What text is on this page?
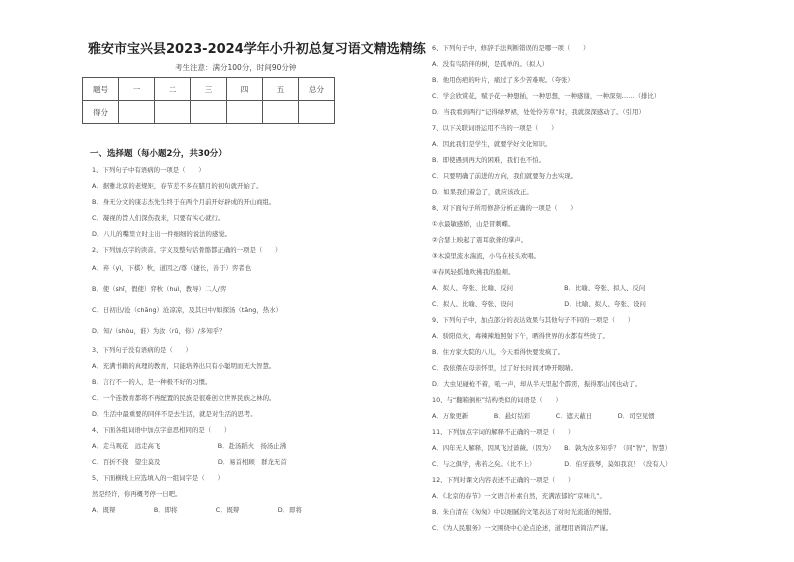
雅安市宝兴县2023-2024学年小升初总复习语文精选精练
考生注意：满分100分，时间90分钟
题号	一	二	三	四	五	总分
得分						
一、选择题（每小题2分，共30分）
1、下列句子中有语病的一项是（　　）
A．据雅北京的老规矩，春节差不多在腊月的初旬就开始了。
B．身无分文的康志杰先生终于在两个月前开好辟成的开山商组。
C．凝视的旨人们深伤我来，只要有实心就行。
D．八儿的嘴里立时主出一件细细的说法的感觉。
2、下列加点字的读音、字义及整句话骨骼都正确的一项是（　　）
A．弃（yì，下棋）秋，道因之/尊（捷长，善于）弈者也
B．使（shǐ，假使）弈秋（huì，教导）二人/弈
C．日初出/沧（chāng）沧凉凉，及其日中/如探汤（tāng，热水）
D．知/（shòu，谁）为汝（rǔ，你）/多知乎？
3、下列句子没有语病的是（　　）
A．充满书籍的真理的教育，只能培养出只有小聪明而无大智慧。
B．言行不一的人，是一种极不好的习惯。
C．一个连教育都将不再配置的民族是很难创立世界民族之林的。
D．生活中最重要的同伴不是去生活，就是对生活的思考。
4、下面各组词语中加点字意思相同的是（　　）
A．走马观花　远走高飞　　　　　　　　　B．赴汤蹈火　扬汤止沸
C．百折不挠　望尘莫及　　　　　　　　　D．易首相顾　群龙无首
5、下面横线上应选填入的一组词字是（　　）
然是经许，你再概考停一日吧。
A．既辩　　　　　　B．即将　　　　　　C．既辩　　　　　　D．即将
6、下列句子中，修辞手法判断错误的是哪一项（　　）
A．没有鸟陪伴的树，是孤单的。（拟人）
B．他用伤疤的叶片，痛过了多少苦难呢。（夸张）
C．学会欣赏花，赋予花一种想插，一种思想，一种感谢，一种深刻……（排比）
D．当我看到两行“记得绿罗裙，处处怜芳草”时，我就深深感动了。（引用）
7、以下关联词语运用不当的一项是（　　）
A．因此我们是学生，就要学好文化知识。
B．即使遇到再大的困难，我们也不怕。
C．只要明确了前进的方向，我们就要努力去实现。
D．如果我们着急了，就应该改正。
8、对下面句子所用修辞分析正确的一项是（　　）
①水最敏感娇，山是冒刺蝶。
②合瑟上映起了震耳欲聋的掌声。
③木漠里流水湍流，小鸟在枝头欢唱。
④春风轻摇地吹拂我的脸颊。
A．拟人、夸张、比喻、反问　　　　　　　　B．比喻、夸张、拟人、反问
C．拟人、比喻、夸张、设问　　　　　　　　D．比喻、拟人、夸张、设问
9、下列句子中，加点部分的表达效果与其他句子不同的一项是（　　）
A．骄阳似火，毒辣辣地照射下午，晒得世界的水都有些烫了。
B．住方家大院的八儿，今天看得快要发疯了。
C．我依偎在母亲怀里，过了好长时间才睁开眼睛。
D．大虫见碰枪不着，吼一声，却从半天里起个霹雳，振得那山冈也动了。
10、与“翻箱倒柜”结构类似的词语是（　　）
A．万象更新　　　　B．悬灯结彩　　　　C．遮天蔽日　　　　D．司空见惯
11、下列加点字词的解释不正确的一项是（　　）
A．四年无人解释，因风飞过蔷薇。（因为）　　B．孰为汝多知乎？（同“智”，智慧）
C．与之俱学，弗若之矣。（比不上）　　　　　D．伯牙鼓琴，莫如我哀！（没有人）
12、下列对课文内容表述不正确的一项是（　　）
A．《北京的春节》一文语言朴素自然，充满浓郁的“京味儿”。
B．朱自清在《匆匆》中以细腻的文笔表达了对时光流逝的惋惜。
C．《为人民服务》一文围绕中心论点论述，道理用语简洁严谨。
